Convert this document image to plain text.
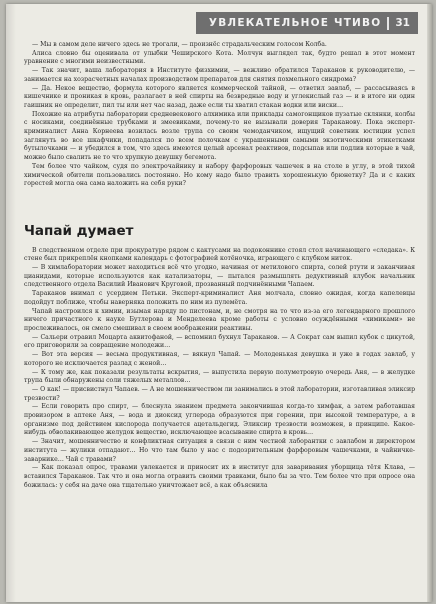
УВЛЕКАТЕЛЬНОЕ ЧТИВО 31

— Мы в самом деле ничего здесь не трогали, — произнёс страдальческим голосом Колба.

Алиса словно бы оценивала от улыбки Чеширского Кота. Молчун выглядел так, будто решал в этот момент уравнение с многими неизвестными.

— Так значит, ваша лаборатория в Институте физхимии, — вежливо обратился Тараканов к руководителю, — занимается на хозрасчетных началах производством препаратов для снятия похмельного синдрома?

— Да. Некое вещество, формула которого является коммерческой тайной, — ответил завлаб, — рассасываясь в кишечнике и проникая в кровь, разлагает в ней спирты на безвредные воду и углекислый газ — и в итоге ни один гаишник не определит, пил ты или нет час назад, даже если ты хватил стакан водки или виски…

Похожие на атрибуты лаборатории средневекового алхимика или приклады самогонщиков пузатые склянки, колбы с носиками, соединённые трубками и змеевиками, почему-то не вызывали доверия Тараканову. Пока эксперт-криминалист Анна Корнеева возилась возле трупа со своим чемоданчиком, ищущий советник юстиции успел заглянуть во все шкафчики, попадался по всем полочкам с украшенными самыми экзотическими этикетками бутылочками — и убедился в том, что здесь имеются целый арсенал реактивов, подсыпав или подлив которые в чай, можно было свалить не то что хрупкую девушку бегемота.

Тем более что чайком, судя по электрочайнику и набору фарфоровых чашечек в на столе в углу, в этой тихой химической обители пользовались постоянно. Но кому надо было травить хорошенькую брюнетку? Да и с каких горестей могла она сама наложить на себя руки?

Чапай думает

В следственном отделе при прокуратуре рядом с кактусами на подоконнике стоял стол начинающего «следака». К стене был прикреплён кнопками календарь с фотографией котёночка, играющего с клубком ниток.

— В химлаборатории может находиться всё что угодно, начиная от метилового спирта, солей ртути и заканчивая цианидами, которые используются как катализаторы, — пытался размышлять дедуктивный клубок начальник следственного отдела Василий Иванович Круговой, прозванный подчинёнными Чапаем.

Тараканов внимал с усердием Петьки. Эксперт-криминалист Аня молчала, словно ожидая, когда капелевцы подойдут поближе, чтобы наверняка положить по ним из пулемёта.

Чапай настроился к химии, изымая наряду по пистонам, и, не смотря на то что из-за его легендарного прошлого ничего причастного к науке Бутлерова и Менделеева кроме работы с условно осуждёнными «химиками» не прослеживалось, он смело смешивал в своем воображении реактивы.

— Сальери отравил Моцарта аквитофаной, — вспомнил бухнул Тараканов. — А Сократ сам выпил кубок с цикутой, его приговорили за совращение молодежи…

— Вот эта версия — весьма продуктивная, — вякнул Чапай. — Молоденькая девушка и уже в годах завлаб, у которого не исключается разлад с женой…

— К тому же, как показали результаты вскрытия, — выпустила первую полуметровую очередь Аня, — в желудке трупа были обнаружены соли тяжелых металлов…

— О как! — присвистнул Чапаев. — А не мошенничеством ли занимались в этой лаборатории, изготавливая эликсир трезвости?

— Если говорить про спирт, — блеснула знанием предмета закончившая когда-то химфак, а затем работавшая провизором в аптеке Аня, — вода и диоксид углерода образуются при горении, при высокой температуре, а в организме под действием кислорода получается ацетальдегид. Эликсир трезвости возможен, в принципе. Какое-нибудь обволакивающее желудок вещество, исключающее всасывание спирта в кровь…

— Значит, мошенничество и конфликтная ситуация в связи с ним честной лаборантки с завлабом и директором института — жулики отпадают… Но что там было у нас с подозрительным фарфоровым чашечками, в чайничке-заварнике… Чай с травами?

— Как показал опрос, травами увлекается и приносит их в институт для заваривания уборщица тётя Клава, — вставился Тараканов. Так что и она могла отравить своими травками, было бы за что. Тем более что при опросе она божилась: у себя на даче она тщательно уничтожает всё, а как объяснила
